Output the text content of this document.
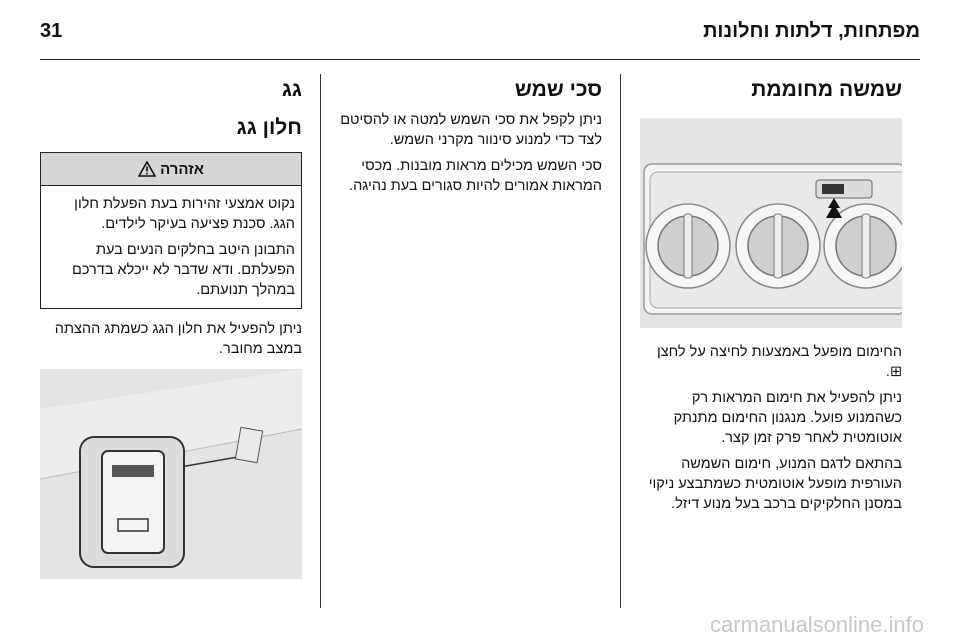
31	מפתחות, דלתות וחלונות
שמשה מחוממת

החימום מופעל באמצעות לחיצה על לחצן ⊞.

ניתן להפעיל את חימום המראות רק כשהמנוע פועל. מנגנון החימום מתנתק אוטומטית לאחר פרק זמן קצר.

בהתאם לדגם המנוע, חימום השמשה העורפית מופעל אוטומטית כשמתבצע ניקוי במסנן החלקיקים ברכב בעל מנוע דיזל.

סכי שמש

ניתן לקפל את סכי השמש למטה או להסיטם לצד כדי למנוע סינוור מקרני השמש.

סכי השמש מכילים מראות מובנות. מכסי המראות אמורים להיות סגורים בעת נהיגה.

גג
חלון גג
אזהרה

נקוט אמצעי זהירות בעת הפעלת חלון הגג. סכנת פציעה בעיקר לילדים.

התבונן היטב בחלקים הנעים בעת הפעלתם. ודא שדבר לא ייכלא בדרכם במהלך תנועתם.

ניתן להפעיל את חלון הגג כשמתג ההצתה במצב מחובר.

carmanualsonline.info
